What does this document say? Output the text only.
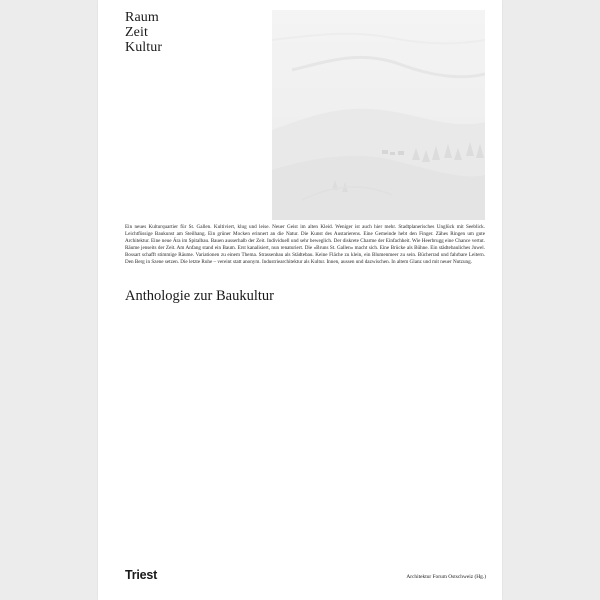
Raum
Zeit
Kultur
Ein neues Kulturquartier für St. Gallen. Kultiviert, klug und leise. Neuer Geist im alten Kleid. Weniger ist auch hier mehr. Stadtplanerisches Unglück mit Seeblick. Leichtfüssige Baukunst am Steilhang. Ein grüner Mocken erinnert an die Natur. Die Kunst des Austarierens. Eine Gemeinde hebt den Finger. Zähes Ringen um gute Architektur. Eine neue Ära im Spitalbau. Bauen ausserhalb der Zeit. Individuell und sehr beweglich. Der diskrete Charme der Einfachheit. Wie Heerbrugg eine Chance vertut. Räume jenseits der Zeit. Am Anfang stand ein Baum. Erst kanalisiert, nun renaturiert. Die «Bruns St. Gallen» macht sich. Eine Brücke als Bühne. Ein städtebauliches Juwel. Bossart schafft stimmige Räume. Variationen zu einem Thema. Strassenbau als Städtebau. Keine Fläche zu klein, ein Blumenmeer zu sein. Bücherrad und fahrbare Leitern. Den Berg in Szene setzen. Die letzte Ruhe – vereint statt anonym. Industriearchitektur als Kultur. Innen, aussen und dazwischen. In altem Glanz und mit neuer Nutzung.
Anthologie zur Baukultur
Triest	Architektur Forum Ostschweiz (Hg.)
